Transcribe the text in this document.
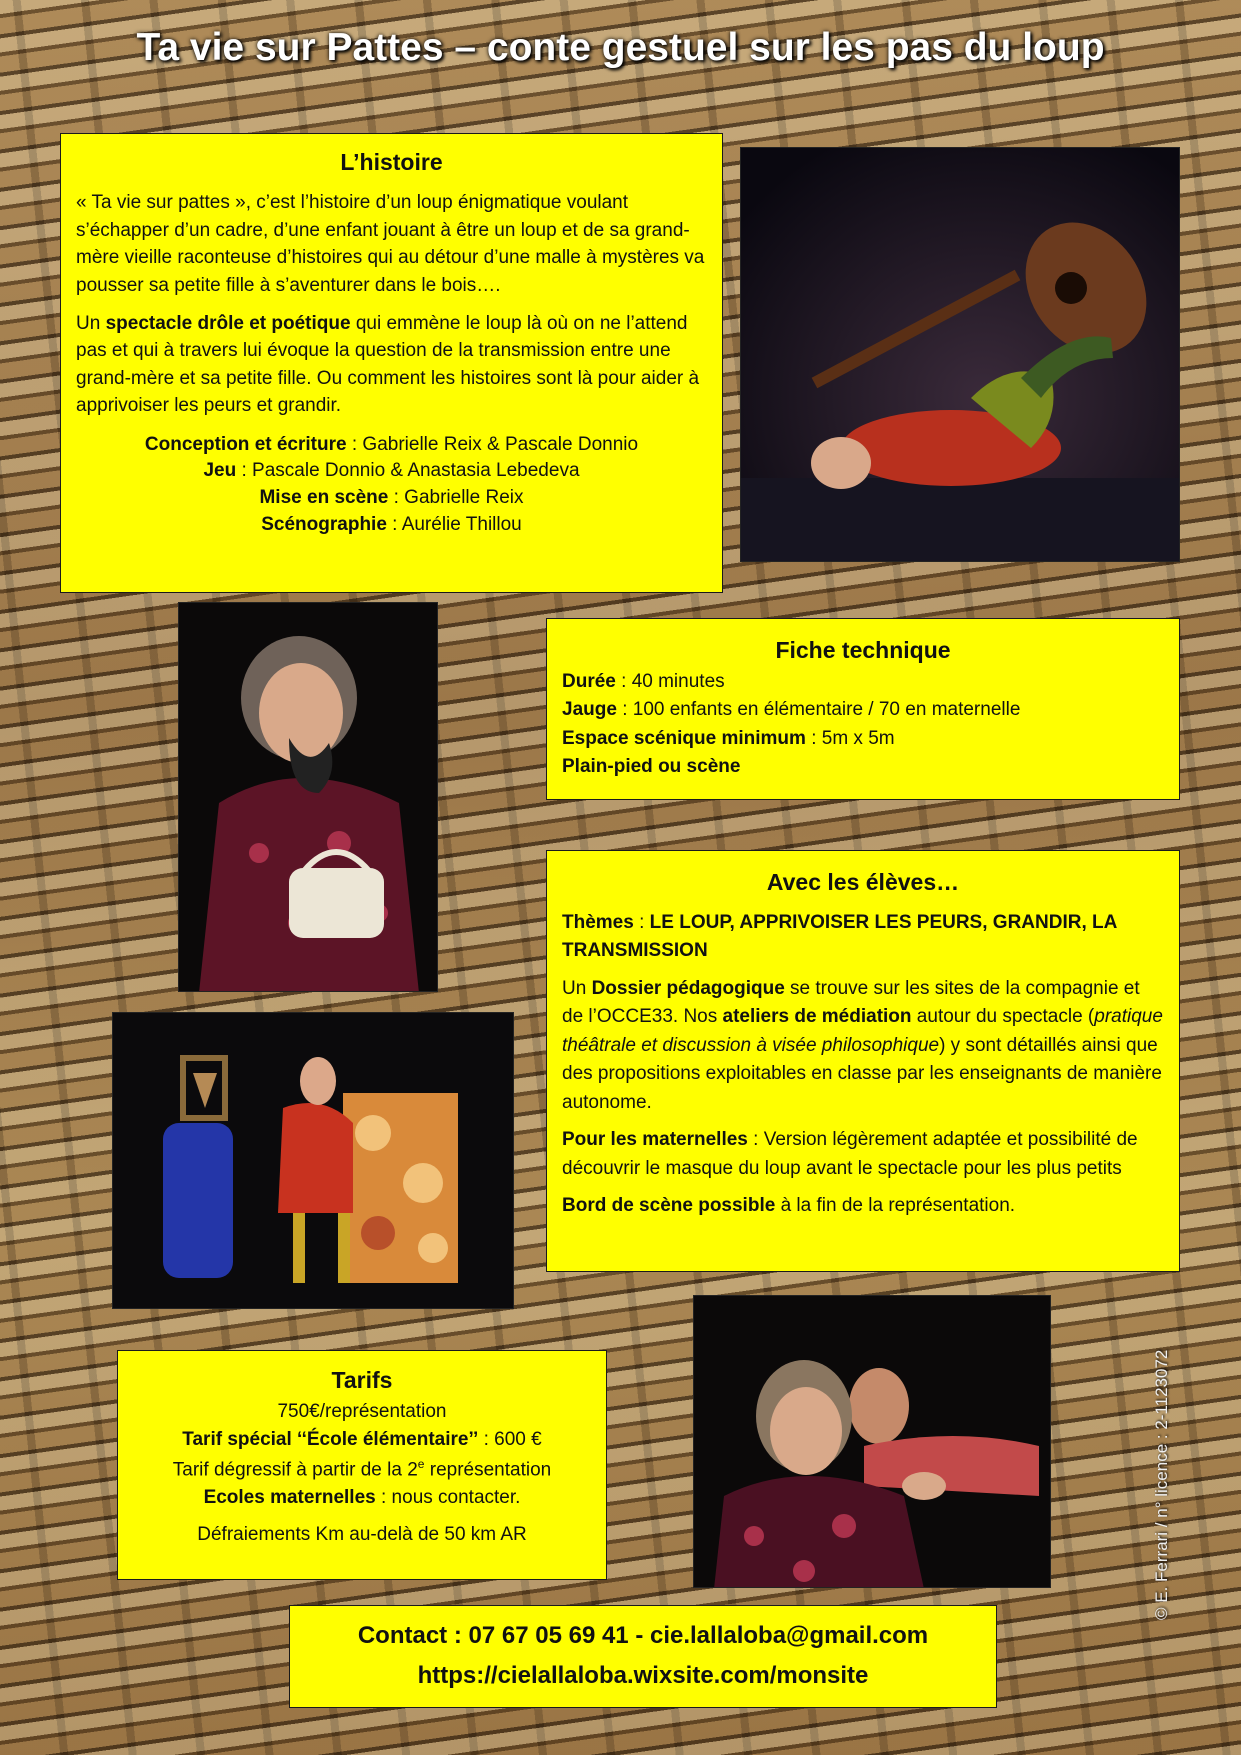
Ta vie sur Pattes – conte gestuel sur les pas du loup
L’histoire

« Ta vie sur pattes », c’est l’histoire d’un loup énigmatique voulant s’échapper d’un cadre, d’une enfant jouant à être un loup et de sa grand-mère vieille raconteuse d’histoires qui au détour d’une malle à mystères va pousser sa petite fille à s’aventurer dans le bois….

Un spectacle drôle et poétique qui emmène le loup là où on ne l’attend pas et qui à travers lui évoque la question de la transmission entre une grand-mère et sa petite fille. Ou comment les histoires sont là pour aider à apprivoiser les peurs et grandir.

Conception et écriture : Gabrielle Reix & Pascale Donnio
Jeu : Pascale Donnio & Anastasia Lebedeva
Mise en scène : Gabrielle Reix
Scénographie : Aurélie Thillou
Fiche technique
Durée : 40 minutes
Jauge : 100 enfants en élémentaire / 70 en maternelle
Espace scénique minimum : 5m x 5m
Plain-pied ou scène
Avec les élèves…

Thèmes : LE LOUP, APPRIVOISER LES PEURS, GRANDIR, LA TRANSMISSION

Un Dossier pédagogique se trouve sur les sites de la compagnie et de l’OCCE33. Nos ateliers de médiation autour du spectacle (pratique théâtrale et discussion à visée philosophique) y sont détaillés ainsi que des propositions exploitables en classe par les enseignants de manière autonome.

Pour les maternelles : Version légèrement adaptée et possibilité de découvrir le masque du loup avant le spectacle pour les plus petits

Bord de scène possible à la fin de la représentation.

Tarifs
750€/représentation
Tarif spécial ‘‘École élémentaire’’ : 600 €
Tarif dégressif à partir de la 2e représentation
Ecoles maternelles : nous contacter.
Défraiements Km au-delà de 50 km AR
Contact : 07 67 05 69 41 - cie.lallaloba@gmail.com
https://cielallaloba.wixsite.com/monsite
© E. Ferrari / n° licence : 2-1123072
